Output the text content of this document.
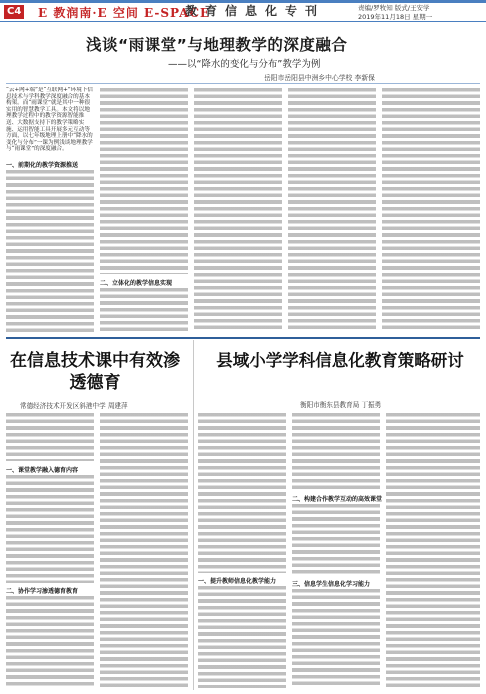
C4 E 教润南·E 空间 E-SPACE
教育信息化专刊	责编/罗牧知 版式/王安学
2019年11月18日 星期一
浅谈“雨课堂”与地理教学的深度融合
——以“降水的变化与分布”教学为例
岳阳市岳阳县中洲乡中心学校 李新保
“云+网+端”是“互联网+”环境下信息技术与学科教学深度融合的基本构架。而“雨课堂”就是其中一种很实用的智慧教学工具。本文将以地理教学过程中的教学资源智能推送、大数据支持下的教学策略实施、运用智能工具开展多元互动等方面，以七年级地理上册中“降水的变化与分布”一课为例浅谈地理教学与“雨课堂”的深度融合。
一、前期化的教学资源推送
二、立体化的教学信息实现
在信息技术课中有效渗透德育
常德经济技术开发区斜港中学 周建萍
一、课堂教学融入德育内容
二、协作学习渗透德育教育
县域小学学科信息化教育策略研讨
衡阳市衡东县教育局 丁振勇
一、提升教师信息化教学能力
二、构建合作教学互动的高效课堂
三、信息学生信息化学习能力
